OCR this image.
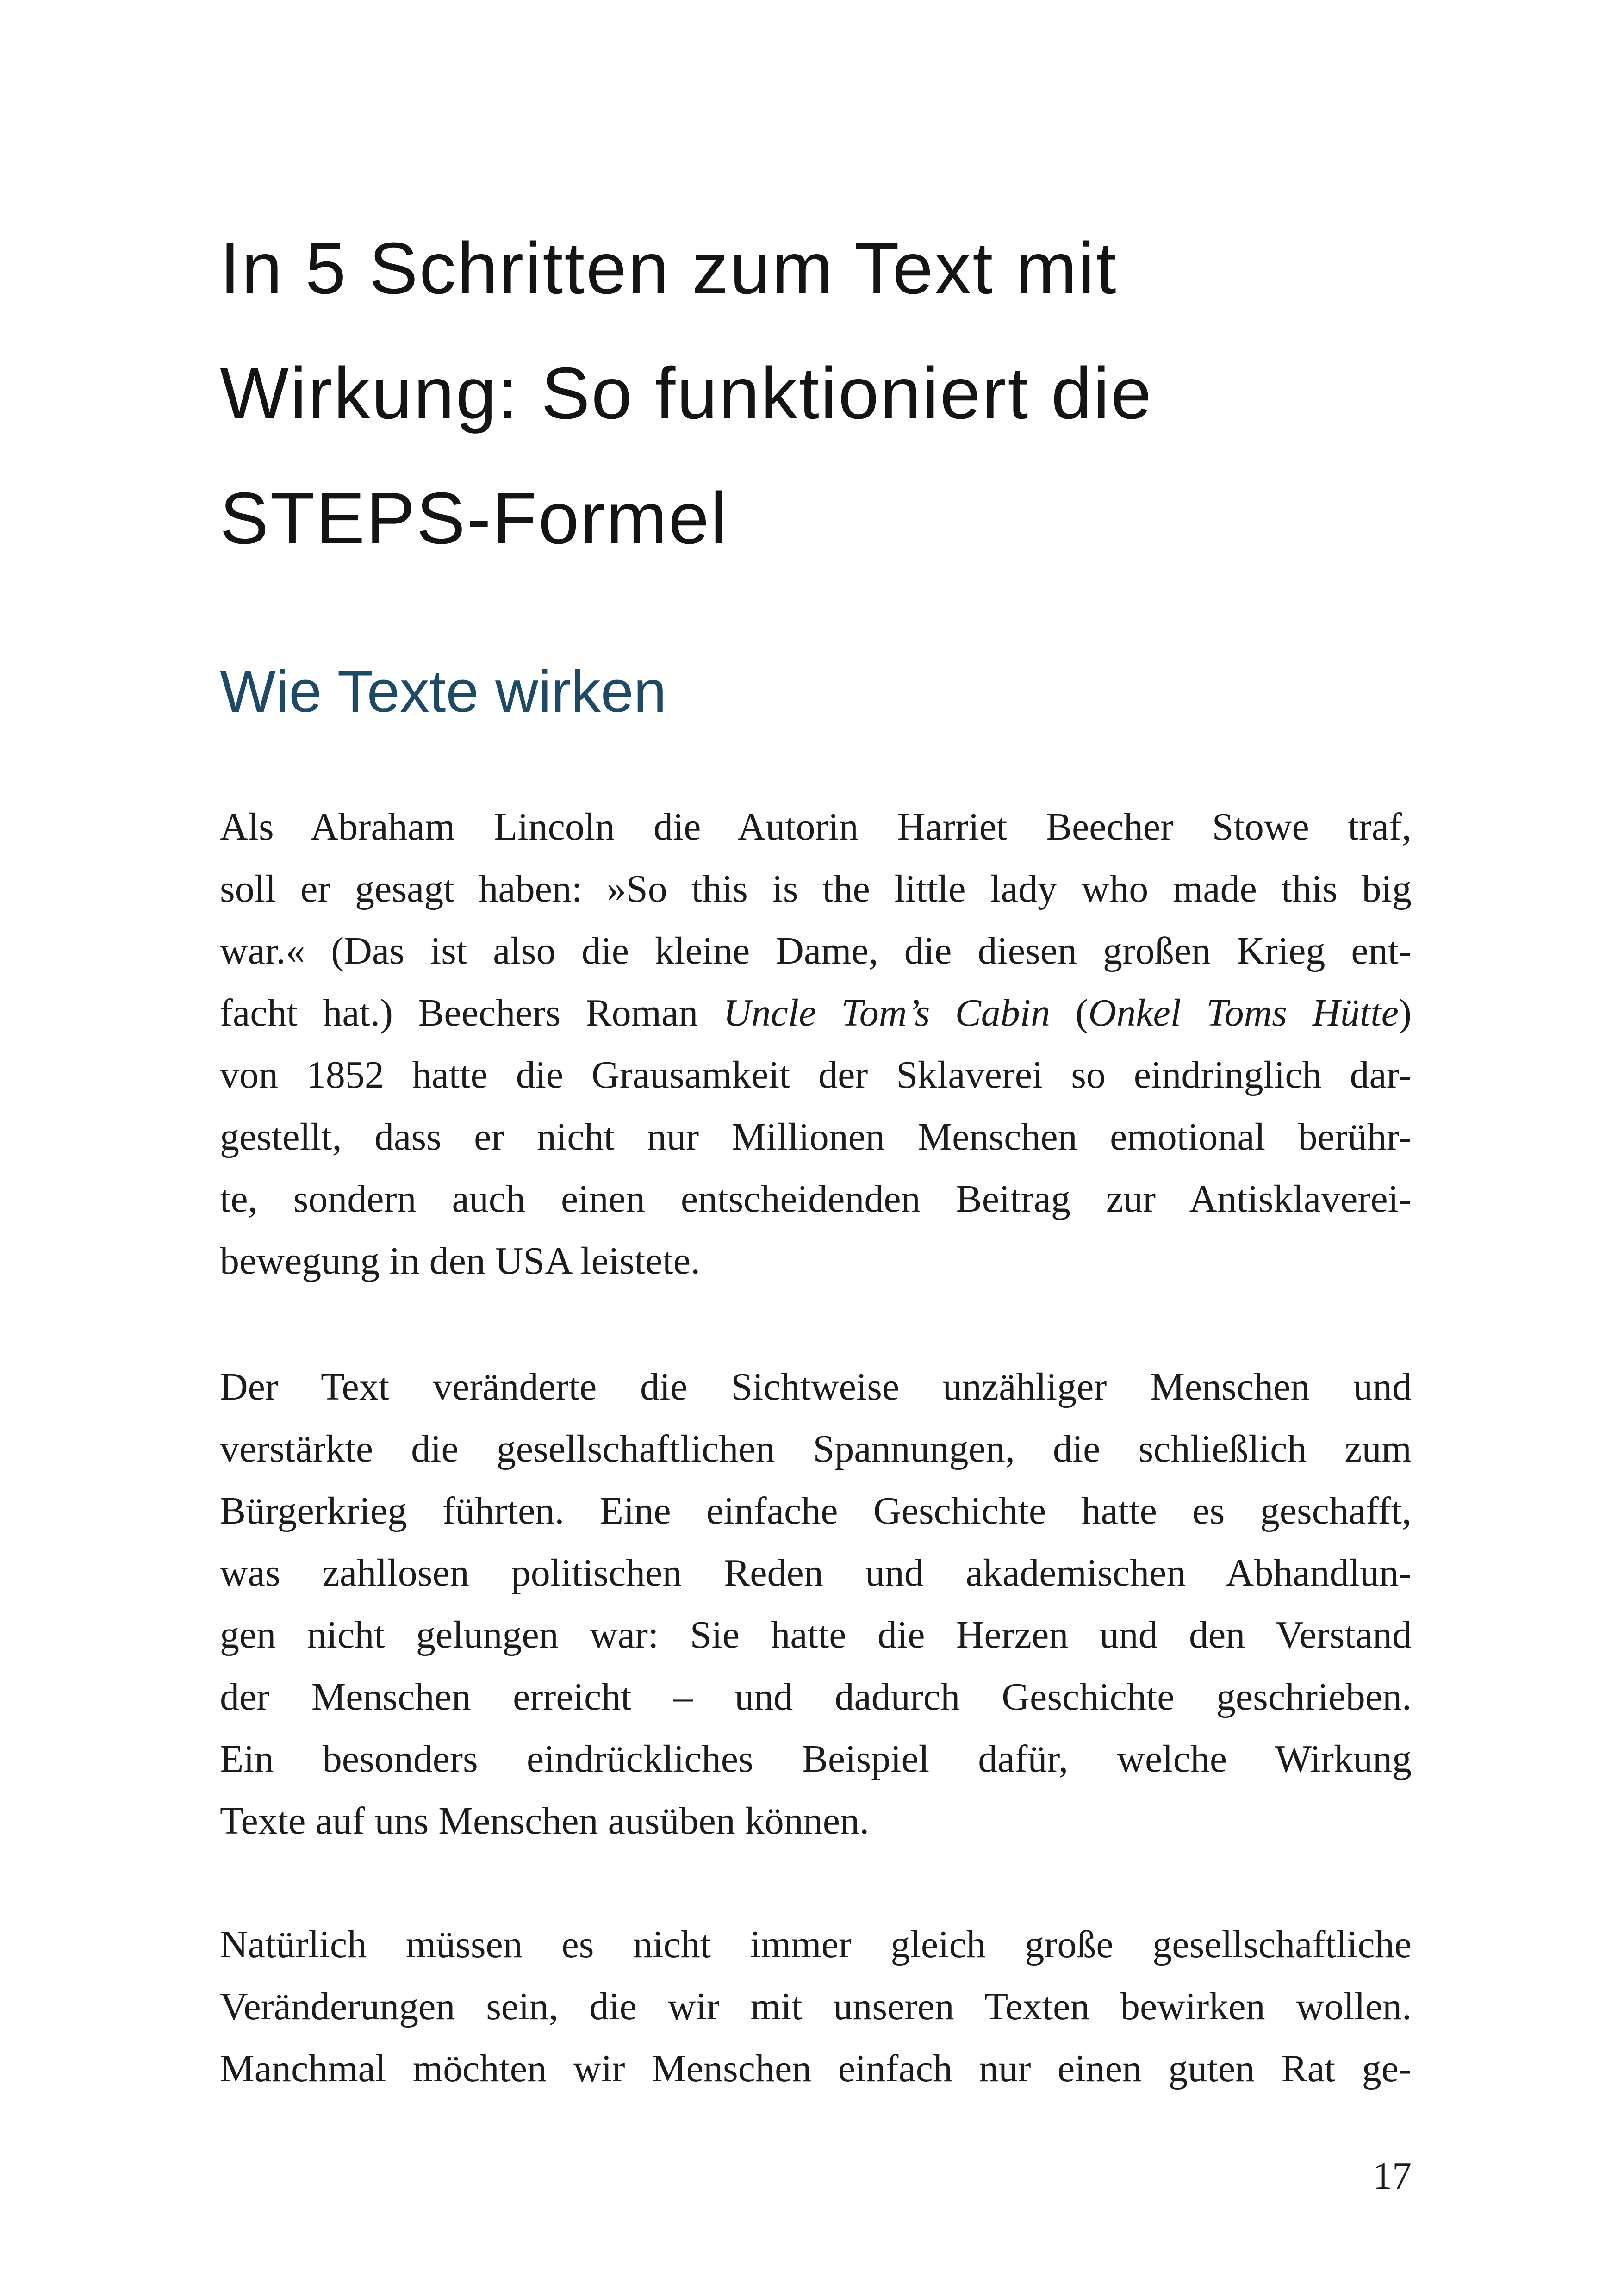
In 5 Schritten zum Text mit
Wirkung: So funktioniert die
STEPS-Formel
Wie Texte wirken

Als Abraham Lincoln die Autorin Harriet Beecher Stowe traf,
soll er gesagt haben: »So this is the little lady who made this big
war.« (Das ist also die kleine Dame, die diesen großen Krieg ent-
facht hat.) Beechers Roman Uncle Tom’s Cabin (Onkel Toms Hütte)
von 1852 hatte die Grausamkeit der Sklaverei so eindringlich dar-
gestellt, dass er nicht nur Millionen Menschen emotional berühr-
te, sondern auch einen entscheidenden Beitrag zur Antisklaverei-
bewegung in den USA leistete.

Der Text veränderte die Sichtweise unzähliger Menschen und
verstärkte die gesellschaftlichen Spannungen, die schließlich zum
Bürgerkrieg führten. Eine einfache Geschichte hatte es geschafft,
was zahllosen politischen Reden und akademischen Abhandlun-
gen nicht gelungen war: Sie hatte die Herzen und den Verstand
der Menschen erreicht – und dadurch Geschichte geschrieben.
Ein besonders eindrückliches Beispiel dafür, welche Wirkung
Texte auf uns Menschen ausüben können.

Natürlich müssen es nicht immer gleich große gesellschaftliche
Veränderungen sein, die wir mit unseren Texten bewirken wollen.
Manchmal möchten wir Menschen einfach nur einen guten Rat ge-

17
